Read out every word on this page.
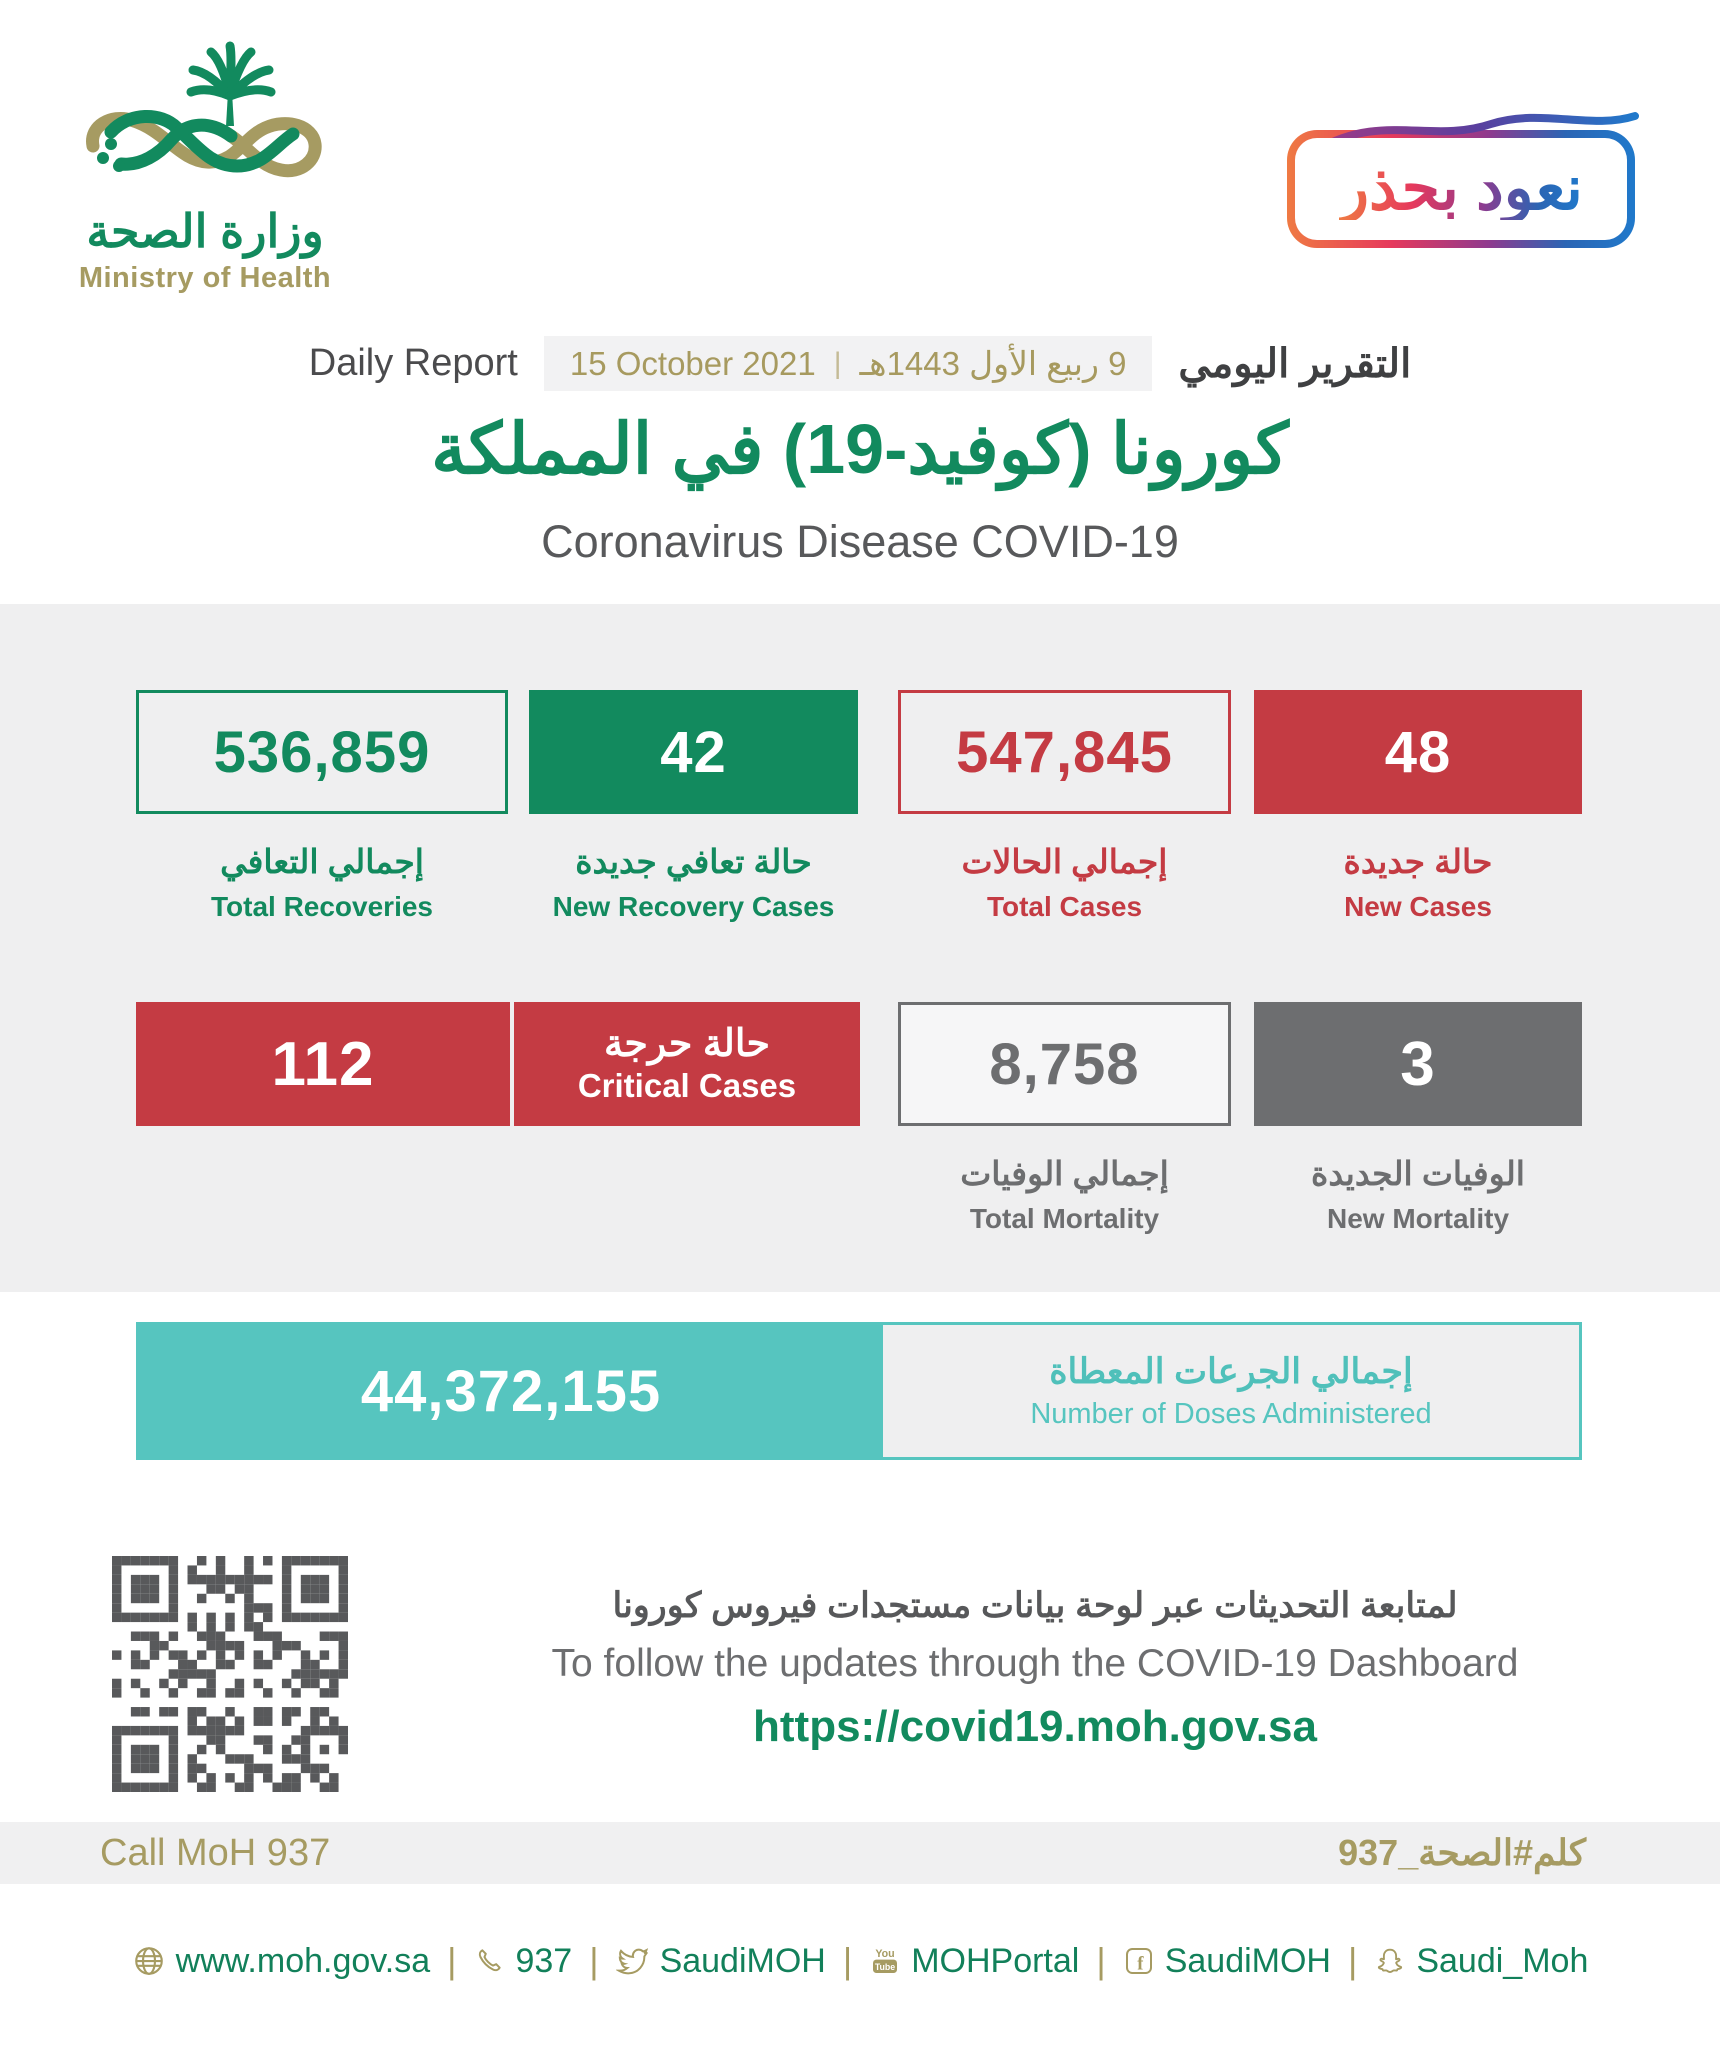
وزارة الصحة
Ministry of Health
نعود بحذر
Daily Report 15 October 2021 | 9 ربيع الأول 1443هـ التقرير اليومي
كورونا (كوفيد-19) في المملكة
Coronavirus Disease COVID-19
536,859
إجمالي التعافي
Total Recoveries
42
حالة تعافي جديدة
New Recovery Cases
547,845
إجمالي الحالات
Total Cases
48
حالة جديدة
New Cases
112	حالة حرجة
Critical Cases	8,758
إجمالي الوفيات
Total Mortality
3
الوفيات الجديدة
New Mortality
44,372,155	إجمالي الجرعات المعطاة
Number of Doses Administered
لمتابعة التحديثات عبر لوحة بيانات مستجدات فيروس كورونا
To follow the updates through the COVID-19 Dashboard
https://covid19.moh.gov.sa
Call MoH 937	كلم#الصحة_937
www.moh.gov.sa | 937 | SaudiMOH |	You
Tube MOHPortal | f SaudiMOH | Saudi_Moh
